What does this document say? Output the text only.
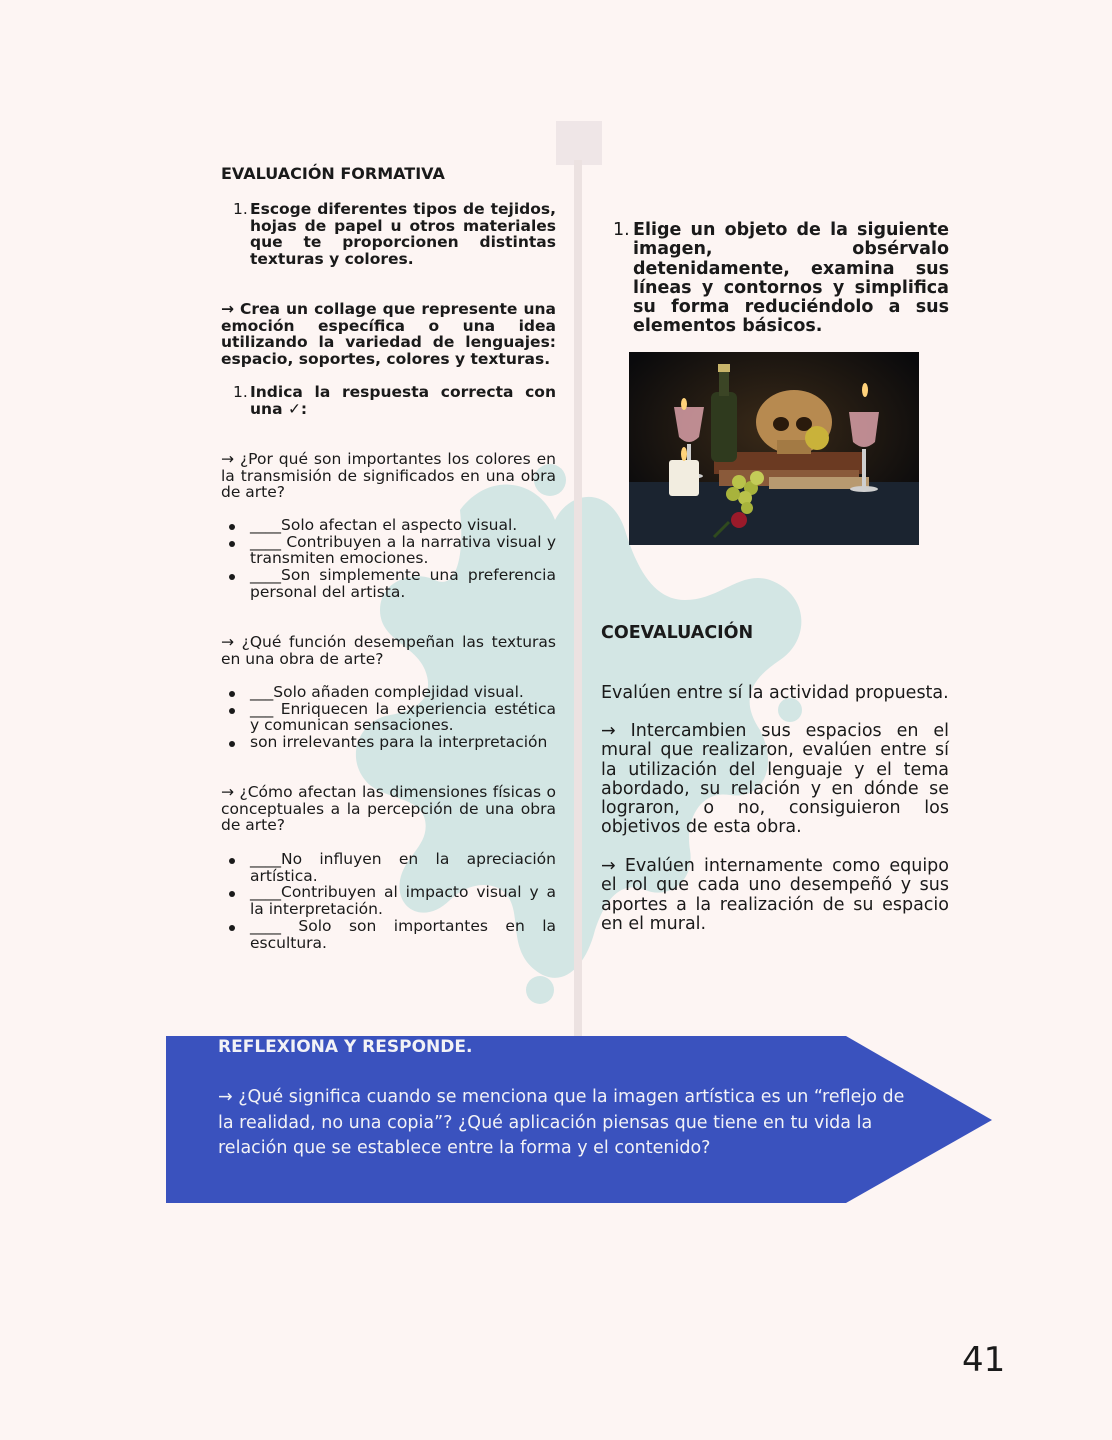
EVALUACIÓN FORMATIVA
1. Escoge diferentes tipos de tejidos, hojas de papel u otros materiales que te proporcionen distintas texturas y colores.
→ Crea un collage que represente una emoción específica o una idea utilizando la variedad de lenguajes: espacio, soportes, colores y texturas.
1. Indica la respuesta correcta con una ✓:
→ ¿Por qué son importantes los colores en la transmisión de significados en una obra de arte?
____Solo afectan el aspecto visual.
____ Contribuyen a la narrativa visual y transmiten emociones.
____Son simplemente una preferencia personal del artista.
→ ¿Qué función desempeñan las texturas en una obra de arte?
___Solo añaden complejidad visual.
___ Enriquecen la experiencia estética y comunican sensaciones.
son irrelevantes para la interpretación
→ ¿Cómo afectan las dimensiones físicas o conceptuales a la percepción de una obra de arte?
____No influyen en la apreciación artística.
____Contribuyen al impacto visual y a la interpretación.
____ Solo son importantes en la escultura.
1. Elige un objeto de la siguiente imagen, obsérvalo detenidamente, examina sus líneas y contornos y simplifica su forma reduciéndolo a sus elementos básicos.
COEVALUACIÓN
Evalúen entre sí la actividad propuesta.
→ Intercambien sus espacios en el mural que realizaron, evalúen entre sí la utilización del lenguaje y el tema abordado, su relación y en dónde se lograron, o no, consiguieron los objetivos de esta obra.
→ Evalúen internamente como equipo el rol que cada uno desempeñó y sus aportes a la realización de su espacio en el mural.
REFLEXIONA Y RESPONDE.
→ ¿Qué significa cuando se menciona que la imagen artística es un “reflejo de la realidad, no una copia”? ¿Qué aplicación piensas que tiene en tu vida la relación que se establece entre la forma y el contenido?
41
